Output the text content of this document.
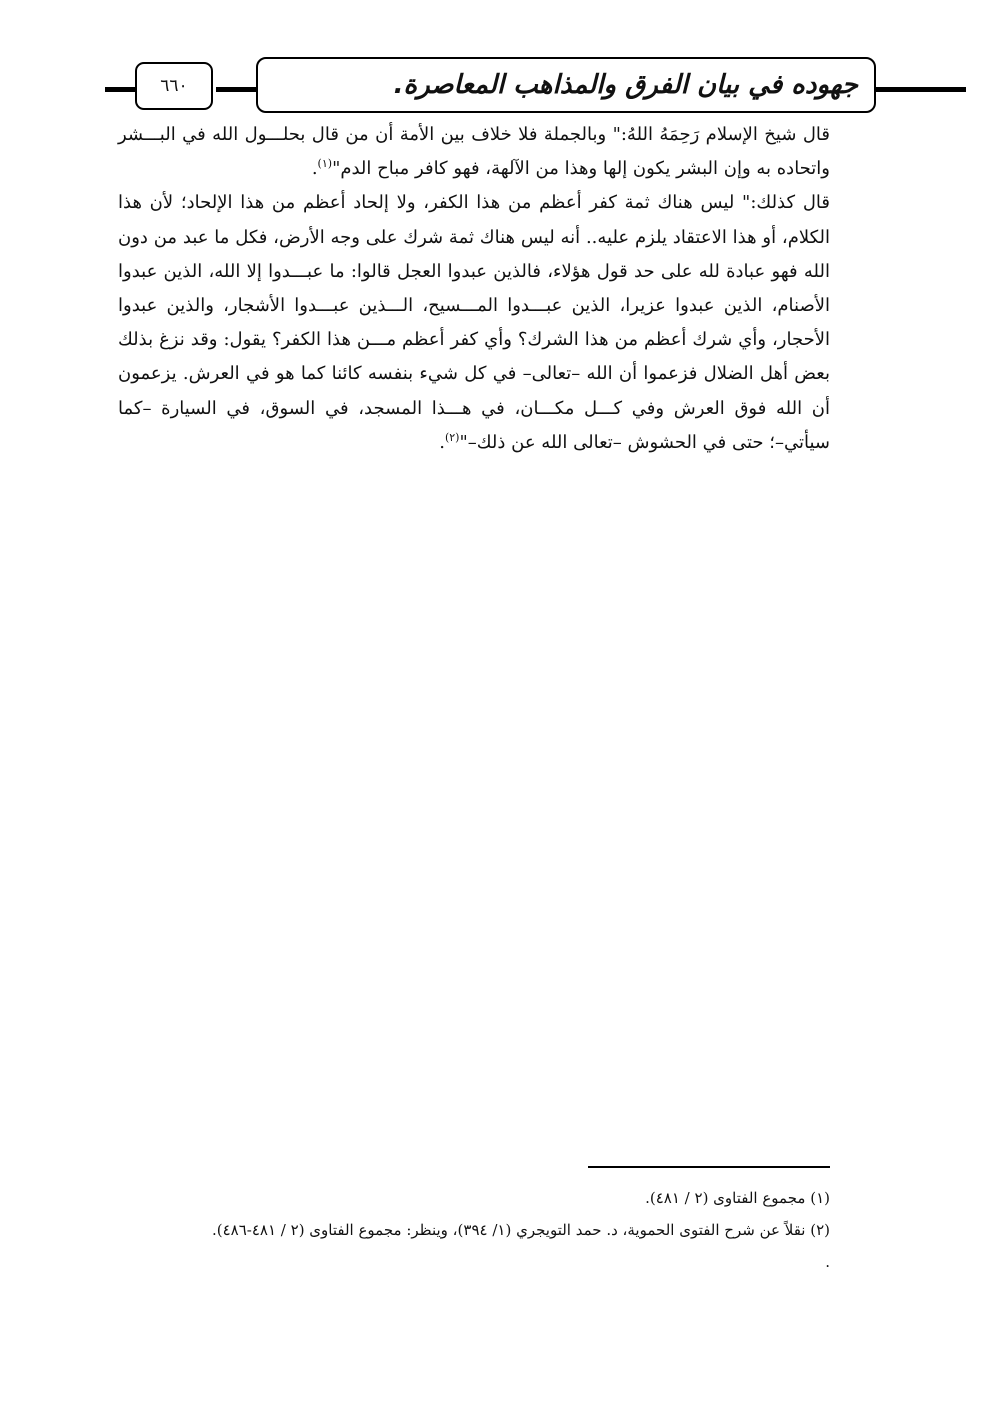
٦٦٠	جهوده في بيان الفرق والمذاهب المعاصرة.

قال شيخ الإسلام رَحِمَهُ اللهُ:" وبالجملة فلا خلاف بين الأمة أن من قال بحلـــول الله في البـــشر واتحاده به وإن البشر يكون إلها وهذا من الآلهة، فهو كافر مباح الدم"$^{(١)}$.

قال كذلك:" ليس هناك ثمة كفر أعظم من هذا الكفر، ولا إلحاد أعظم من هذا الإلحاد؛ لأن هذا الكلام، أو هذا الاعتقاد يلزم عليه.. أنه ليس هناك ثمة شرك على وجه الأرض، فكل ما عبد من دون الله فهو عبادة لله على حد قول هؤلاء، فالذين عبدوا العجل قالوا: ما عبـــدوا إلا الله، الذين عبدوا الأصنام، الذين عبدوا عزيرا، الذين عبـــدوا المـــسيح، الـــذين عبـــدوا الأشجار، والذين عبدوا الأحجار، وأي شرك أعظم من هذا الشرك؟ وأي كفر أعظم مـــن هذا الكفر؟ يقول: وقد نزغ بذلك بعض أهل الضلال فزعموا أن الله –تعالى– في كل شيء بنفسه كائنا كما هو في العرش. يزعمون أن الله فوق العرش وفي كـــل مكـــان، في هـــذا المسجد، في السوق، في السيارة –كما سيأتي–؛ حتى في الحشوش –تعالى الله عن ذلك–"$^{(٢)}$.

(١) مجموع الفتاوى (٢ / ٤٨١).

(٢) نقلاً عن شرح الفتوى الحموية، د. حمد التويجري (١/ ٣٩٤)، وينظر: مجموع الفتاوى (٢ / ٤٨١-٤٨٦).

.
